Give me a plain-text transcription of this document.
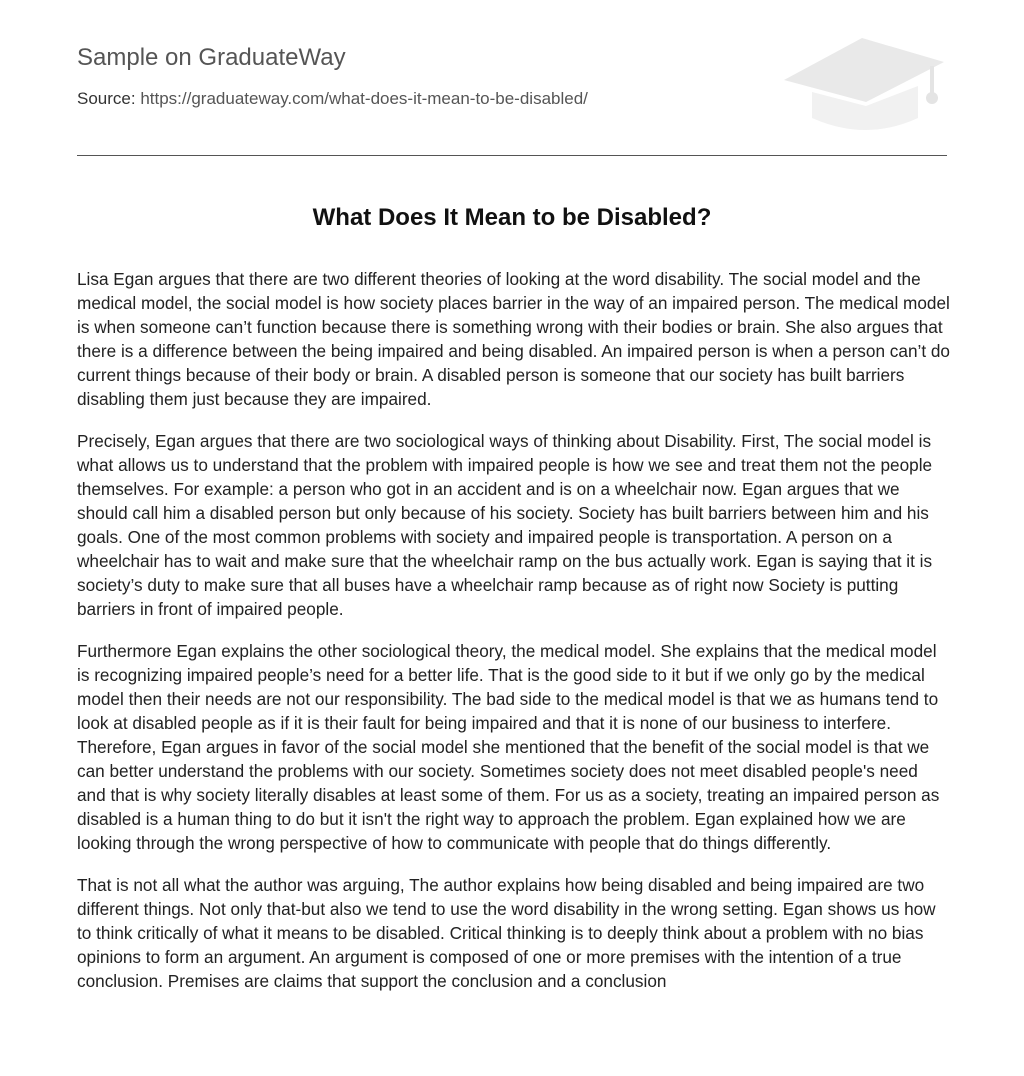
Sample on GraduateWay
Source: https://graduateway.com/what-does-it-mean-to-be-disabled/
What Does It Mean to be Disabled?

Lisa Egan argues that there are two different theories of looking at the word disability. The social model and the medical model, the social model is how society places barrier in the way of an impaired person. The medical model is when someone can’t function because there is something wrong with their bodies or brain. She also argues that there is a difference between the being impaired and being disabled. An impaired person is when a person can’t do current things because of their body or brain. A disabled person is someone that our society has built barriers disabling them just because they are impaired.

Precisely, Egan argues that there are two sociological ways of thinking about Disability. First, The social model is what allows us to understand that the problem with impaired people is how we see and treat them not the people themselves. For example: a person who got in an accident and is on a wheelchair now. Egan argues that we should call him a disabled person but only because of his society. Society has built barriers between him and his goals. One of the most common problems with society and impaired people is transportation. A person on a wheelchair has to wait and make sure that the wheelchair ramp on the bus actually work. Egan is saying that it is society’s duty to make sure that all buses have a wheelchair ramp because as of right now Society is putting barriers in front of impaired people.

Furthermore Egan explains the other sociological theory, the medical model. She explains that the medical model is recognizing impaired people’s need for a better life. That is the good side to it but if we only go by the medical model then their needs are not our responsibility. The bad side to the medical model is that we as humans tend to look at disabled people as if it is their fault for being impaired and that it is none of our business to interfere. Therefore, Egan argues in favor of the social model she mentioned that the benefit of the social model is that we can better understand the problems with our society. Sometimes society does not meet disabled people's need and that is why society literally disables at least some of them. For us as a society, treating an impaired person as disabled is a human thing to do but it isn't the right way to approach the problem. Egan explained how we are looking through the wrong perspective of how to communicate with people that do things differently.

That is not all what the author was arguing, The author explains how being disabled and being impaired are two different things. Not only that-but also we tend to use the word disability in the wrong setting. Egan shows us how to think critically of what it means to be disabled. Critical thinking is to deeply think about a problem with no bias opinions to form an argument. An argument is composed of one or more premises with the intention of a true conclusion. Premises are claims that support the conclusion and a conclusion
